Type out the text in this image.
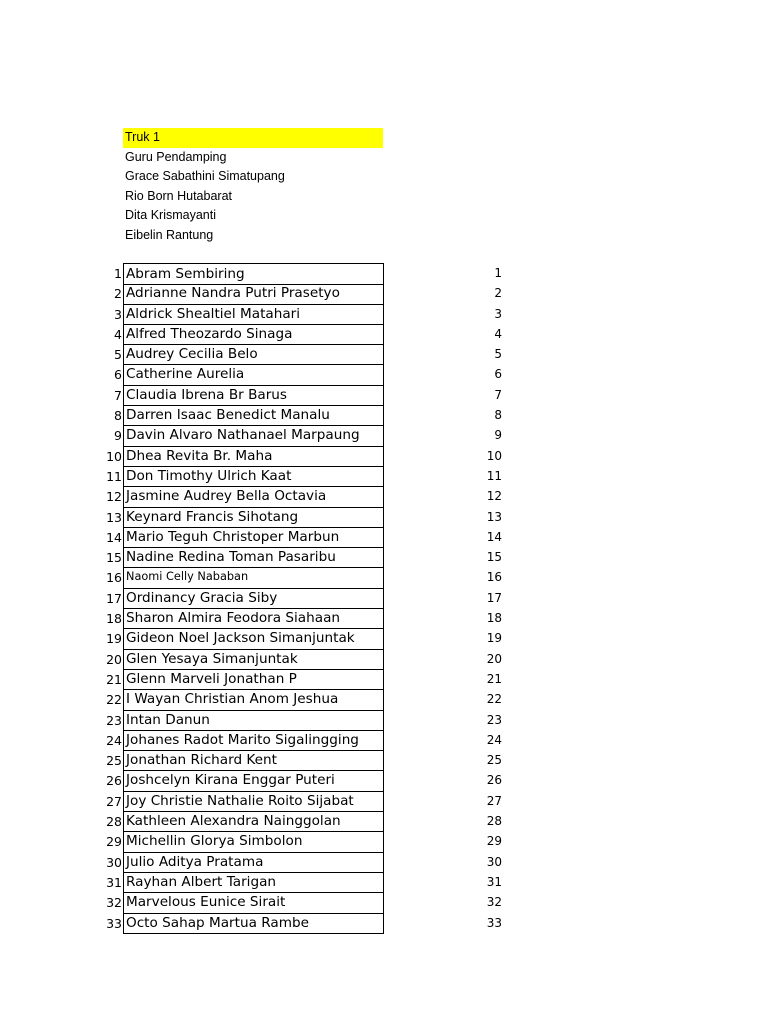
Truk 1
Guru Pendamping
Grace Sabathini Simatupang
Rio Born Hutabarat
Dita Krismayanti
Eibelin Rantung
1 Abram Sembiring	1
2 Adrianne Nandra Putri Prasetyo	2
3 Aldrick Shealtiel Matahari	3
4 Alfred Theozardo Sinaga	4
5 Audrey Cecilia Belo	5
6 Catherine Aurelia	6
7 Claudia Ibrena Br Barus	7
8 Darren Isaac Benedict Manalu	8
9 Davin Alvaro Nathanael Marpaung	9
10 Dhea Revita Br. Maha	10
11 Don Timothy Ulrich Kaat	11
12 Jasmine Audrey Bella Octavia	12
13 Keynard Francis Sihotang	13
14 Mario Teguh Christoper Marbun	14
15 Nadine Redina Toman Pasaribu	15
16 Naomi Celly Nababan	16
17 Ordinancy Gracia Siby	17
18 Sharon Almira Feodora Siahaan	18
19 Gideon Noel Jackson Simanjuntak	19
20 Glen Yesaya Simanjuntak	20
21 Glenn Marveli Jonathan P	21
22 I Wayan Christian Anom Jeshua	22
23 Intan Danun	23
24 Johanes Radot Marito Sigalingging	24
25 Jonathan Richard Kent	25
26 Joshcelyn Kirana Enggar Puteri	26
27 Joy Christie Nathalie Roito Sijabat	27
28 Kathleen Alexandra Nainggolan	28
29 Michellin Glorya Simbolon	29
30 Julio Aditya Pratama	30
31 Rayhan Albert Tarigan	31
32 Marvelous Eunice Sirait	32
33 Octo Sahap Martua Rambe	33
